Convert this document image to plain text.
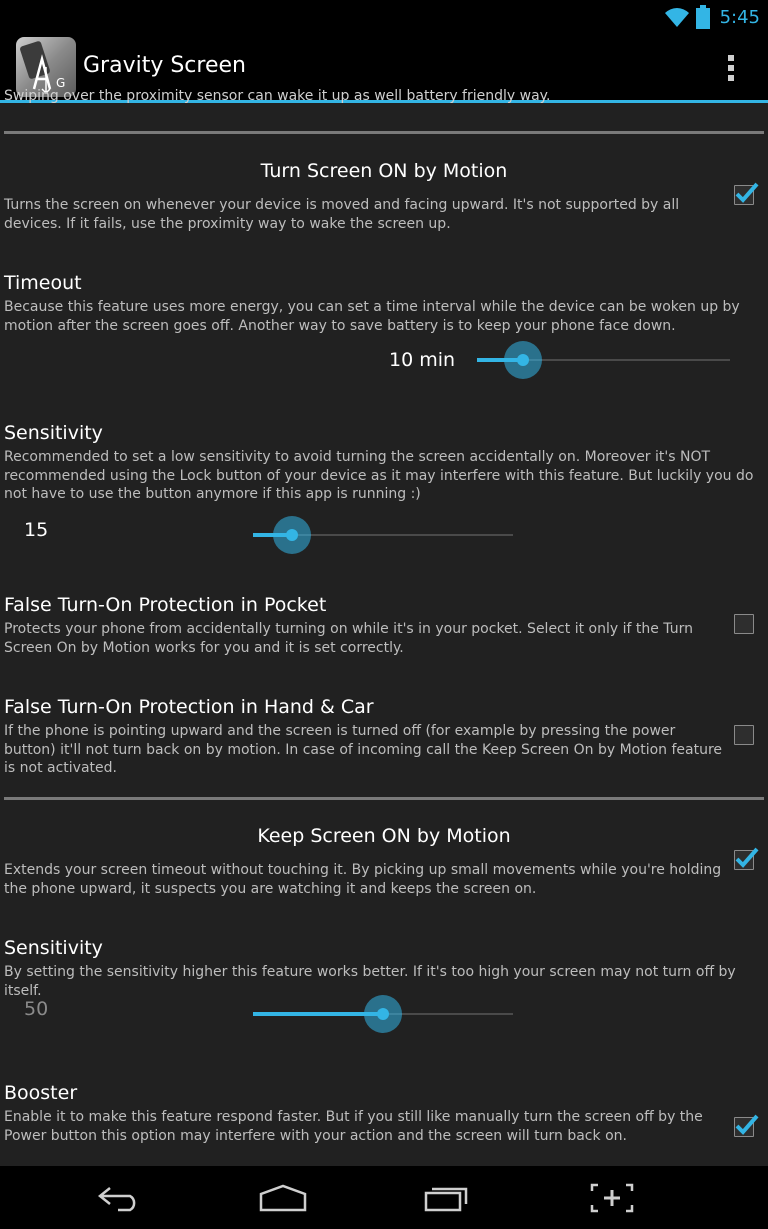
5:45
G
Gravity Screen
Swiping over the proximity sensor can wake it up as well battery friendly way.
Turn Screen ON by Motion
Turns the screen on whenever your device is moved and facing upward. It's not supported by all devices. If it fails, use the proximity way to wake the screen up.
Timeout
Because this feature uses more energy, you can set a time interval while the device can be woken up by motion after the screen goes off. Another way to save battery is to keep your phone face down.
10 min
Sensitivity
Recommended to set a low sensitivity to avoid turning the screen accidentally on. Moreover it's NOT recommended using the Lock button of your device as it may interfere with this feature. But luckily you do not have to use the button anymore if this app is running :)
15
False Turn-On Protection in Pocket
Protects your phone from accidentally turning on while it's in your pocket. Select it only if the Turn Screen On by Motion works for you and it is set correctly.
False Turn-On Protection in Hand & Car
If the phone is pointing upward and the screen is turned off (for example by pressing the power button) it'll not turn back on by motion. In case of incoming call the Keep Screen On by Motion feature is not activated.
Keep Screen ON by Motion
Extends your screen timeout without touching it. By picking up small movements while you're holding the phone upward, it suspects you are watching it and keeps the screen on.
Sensitivity
By setting the sensitivity higher this feature works better. If it's too high your screen may not turn off by itself.
50
Booster
Enable it to make this feature respond faster. But if you still like manually turn the screen off by the Power button this option may interfere with your action and the screen will turn back on.
